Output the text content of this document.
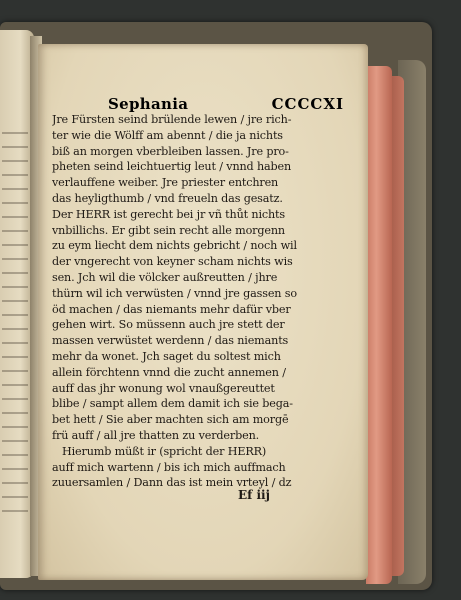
Sephania	CCCCXI
Jre Fürsten seind brülende lewen / jre rich-
ter wie die Wölff am abennt / die ja nichts
biß an morgen vberbleiben lassen. Jre pro-
pheten seind leichtuertig leut / vnnd haben
verlauffene weiber. Jre priester entchren
das heyligthumb / vnd freueln das gesatz.
Der HERR ist gerecht bei jr vñ thůt nichts
vnbillichs. Er gibt sein recht alle morgenn
zu eym liecht dem nichts gebricht / noch wil
der vngerecht von keyner scham nichts wis
sen. Jch wil die völcker außreutten / jhre
thürn wil ich verwüsten / vnnd jre gassen so
öd machen / das niemants mehr dafür vber
gehen wirt. So müssenn auch jre stett der
massen verwüstet werdenn / das niemants
mehr da wonet. Jch saget du soltest mich
allein förchtenn vnnd die zucht annemen /
auff das jhr wonung wol vnaußgereuttet
blibe / sampt allem dem damit ich sie bega-
bet hett / Sie aber machten sich am morgē
frü auff / all jre thatten zu verderben.
Hierumb müßt ir (spricht der HERR)
auff mich wartenn / bis ich mich auffmach
zuuersamlen / Dann das ist mein vrteyl / dz
Ef iij
